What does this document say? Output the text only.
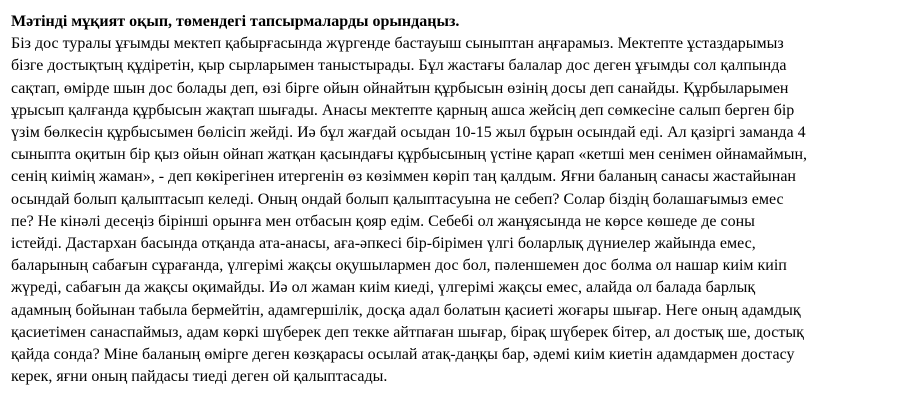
Мәтінді мұқият оқып, төмендегі тапсырмаларды орындаңыз.
Біз дос туралы ұғымды мектеп қабырғасында жүргенде бастауыш сыныптан аңғарамыз. Мектепте ұстаздарымыз
бізге достықтың құдіретін, қыр сырларымен таныстырады. Бұл жастағы балалар дос деген ұғымды сол қалпында
сақтап, өмірде шын дос болады деп, өзі бірге ойын ойнайтын құрбысын өзінің досы деп санайды. Құрбыларымен
ұрысып қалғанда құрбысын жақтап шығады. Анасы мектепте қарның ашса жейсің деп сөмкесіне салып берген бір
үзім бөлкесін құрбысымен бөлісіп жейді. Иә бұл жағдай осыдан 10-15 жыл бұрын осындай еді. Ал қазіргі заманда 4
сыныпта оқитын бір қыз ойын ойнап жатқан қасындағы құрбысының үстіне қарап «кетші мен сенімен ойнамаймын,
сенің киімің жаман», - деп көкірегінен итергенін өз көзіммен көріп таң қалдым. Яғни баланың санасы жастайынан
осындай болып қалыптасып келеді. Оның ондай болып қалыптасуына не себеп? Солар біздің болашағымыз емес
пе? Не кінәлі десеңіз бірінші орынға мен отбасын қояр едім. Себебі ол жанұясында не көрсе көшеде де соны
істейді. Дастархан басында отқанда ата-анасы, аға-әпкесі бір-бірімен үлгі боларлық дүниелер жайында емес,
баларының сабағын сұрағанда, үлгерімі жақсы оқушылармен дос бол, пәленшемен дос болма ол нашар киім киіп
жүреді, сабағын да жақсы оқимайды. Иә ол жаман киім киеді, үлгерімі жақсы емес, алайда ол балада барлық
адамның бойынан табыла бермейтін, адамгершілік, досқа адал болатын қасиеті жоғары шығар. Неге оның адамдық
қасиетімен санаспаймыз, адам көркі шүберек деп текке айтпаған шығар, бірақ шүберек бітер, ал достық ше, достық
қайда сонда? Міне баланың өмірге деген көзқарасы осылай атақ-даңқы бар, әдемі киім киетін адамдармен достасу
керек, яғни оның пайдасы тиеді деген ой қалыптасады.
